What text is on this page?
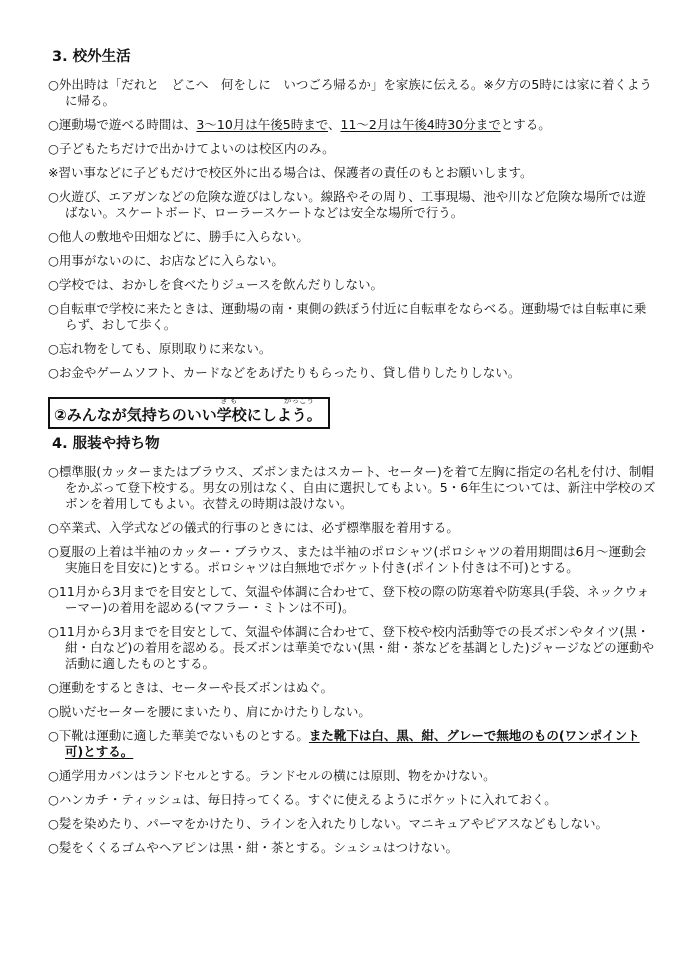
3. 校外生活
○外出時は「だれと　どこへ　何をしに　いつごろ帰るか」を家族に伝える。※夕方の5時には家に着くように帰る。
○運動場で遊べる時間は、3～10月は午後5時まで、11～2月は午後4時30分までとする。
○子どもたちだけで出かけてよいのは校区内のみ。
※習い事などに子どもだけで校区外に出る場合は、保護者の責任のもとお願いします。
○火遊び、エアガンなどの危険な遊びはしない。線路やその周り、工事現場、池や川など危険な場所では遊ばない。スケートボード、ローラースケートなどは安全な場所で行う。
○他人の敷地や田畑などに、勝手に入らない。
○用事がないのに、お店などに入らない。
○学校では、おかしを食べたりジュースを飲んだりしない。
○自転車で学校に来たときは、運動場の南・東側の鉄ぼう付近に自転車をならべる。運動場では自転車に乗らず、おして歩く。
○忘れ物をしても、原則取りに来ない。
○お金やゲームソフト、カードなどをあげたりもらったり、貸し借りしたりしない。
き も	がっこう
②みんなが気持ちのいい学校にしよう。
4. 服装や持ち物
○標準服(カッターまたはブラウス、ズボンまたはスカート、セーター)を着て左胸に指定の名札を付け、制帽をかぶって登下校する。男女の別はなく、自由に選択してもよい。5・6年生については、新注中学校のズボンを着用してもよい。衣替えの時期は設けない。
○卒業式、入学式などの儀式的行事のときには、必ず標準服を着用する。
○夏服の上着は半袖のカッター・ブラウス、または半袖のポロシャツ(ポロシャツの着用期間は6月～運動会実施日を目安に)とする。ポロシャツは白無地でポケット付き(ポイント付きは不可)とする。
○11月から3月までを目安として、気温や体調に合わせて、登下校の際の防寒着や防寒具(手袋、ネックウォーマー)の着用を認める(マフラー・ミトンは不可)。
○11月から3月までを目安として、気温や体調に合わせて、登下校や校内活動等での長ズボンやタイツ(黒・紺・白など)の着用を認める。長ズボンは華美でない(黒・紺・茶などを基調とした)ジャージなどの運動や活動に適したものとする。
○運動をするときは、セーターや長ズボンはぬぐ。
○脱いだセーターを腰にまいたり、肩にかけたりしない。
○下靴は運動に適した華美でないものとする。また靴下は白、黒、紺、グレーで無地のもの(ワンポイント可)とする。
○通学用カバンはランドセルとする。ランドセルの横には原則、物をかけない。
○ハンカチ・ティッシュは、毎日持ってくる。すぐに使えるようにポケットに入れておく。
○髪を染めたり、パーマをかけたり、ラインを入れたりしない。マニキュアやピアスなどもしない。
○髪をくくるゴムやヘアピンは黒・紺・茶とする。シュシュはつけない。
